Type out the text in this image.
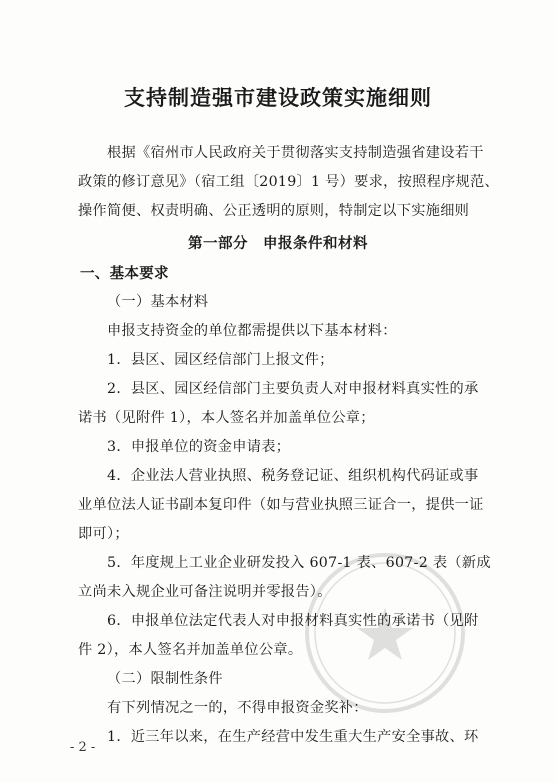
支持制造强市建设政策实施细则
根据《宿州市人民政府关于贯彻落实支持制造强省建设若干
政策的修订意见》（宿工组〔2019〕1 号）要求，按照程序规范、
操作简便、权责明确、公正透明的原则，特制定以下实施细则
第一部分　申报条件和材料
一、基本要求
（一）基本材料
申报支持资金的单位都需提供以下基本材料：
1．县区、园区经信部门上报文件；
2．县区、园区经信部门主要负责人对申报材料真实性的承
诺书（见附件 1），本人签名并加盖单位公章；
3．申报单位的资金申请表；
4．企业法人营业执照、税务登记证、组织机构代码证或事
业单位法人证书副本复印件（如与营业执照三证合一，提供一证
即可）；
5．年度规上工业企业研发投入 607-1 表、607-2 表（新成
立尚未入规企业可备注说明并零报告）。
6．申报单位法定代表人对申报材料真实性的承诺书（见附
件 2），本人签名并加盖单位公章。
（二）限制性条件
有下列情况之一的，不得申报资金奖补：
1．近三年以来，在生产经营中发生重大生产安全事故、环
- 2 -
